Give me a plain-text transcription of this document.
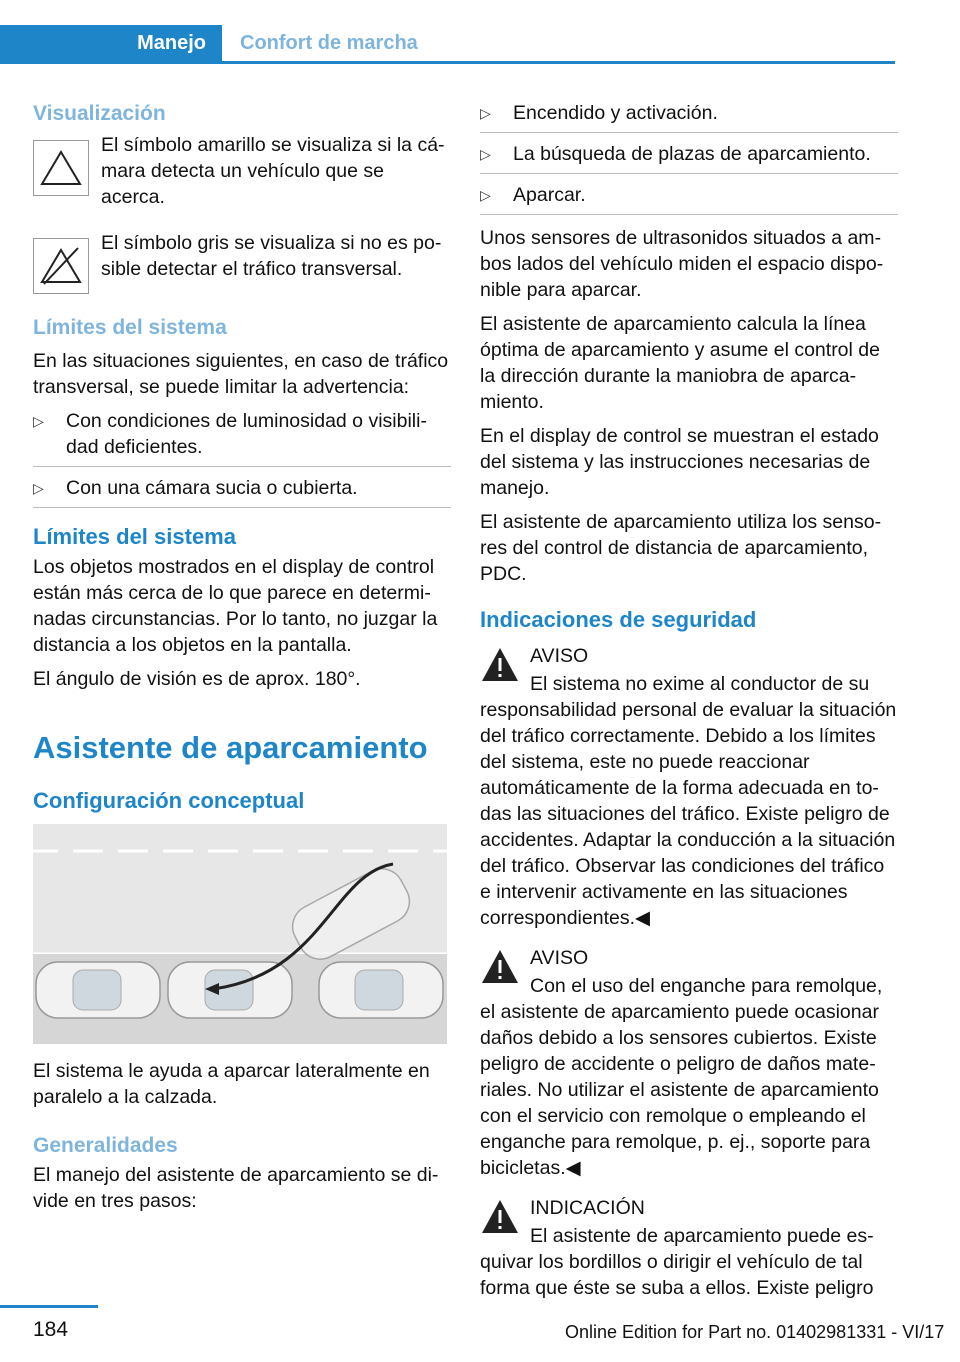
Manejo Confort de marcha
Visualización

El símbolo amarillo se visualiza si la cámara detecta un vehículo que se acerca.

El símbolo gris se visualiza si no es posible detectar el tráfico transversal.

Límites del sistema

En las situaciones siguientes, en caso de tráfico transversal, se puede limitar la advertencia:

▷ Con condiciones de luminosidad o visibilidad deficientes.
▷ Con una cámara sucia o cubierta.
Límites del sistema

Los objetos mostrados en el display de control están más cerca de lo que parece en determinadas circunstancias. Por lo tanto, no juzgar la distancia a los objetos en la pantalla.

El ángulo de visión es de aprox. 180°.

Asistente de aparcamiento
Configuración conceptual

El sistema le ayuda a aparcar lateralmente en paralelo a la calzada.

Generalidades

El manejo del asistente de aparcamiento se divide en tres pasos:

▷ Encendido y activación.
▷ La búsqueda de plazas de aparcamiento.
▷ Aparcar.

Unos sensores de ultrasonidos situados a ambos lados del vehículo miden el espacio disponible para aparcar.

El asistente de aparcamiento calcula la línea óptima de aparcamiento y asume el control de la dirección durante la maniobra de aparcamiento.

En el display de control se muestran el estado del sistema y las instrucciones necesarias de manejo.

El asistente de aparcamiento utiliza los sensores del control de distancia de aparcamiento, PDC.

Indicaciones de seguridad
AVISO

El sistema no exime al conductor de su responsabilidad personal de evaluar la situación del tráfico correctamente. Debido a los límites del sistema, este no puede reaccionar automáticamente de la forma adecuada en todas las situaciones del tráfico. Existe peligro de accidentes. Adaptar la conducción a la situación del tráfico. Observar las condiciones del tráfico e intervenir activamente en las situaciones correspondientes.◀

AVISO

Con el uso del enganche para remolque, el asistente de aparcamiento puede ocasionar daños debido a los sensores cubiertos. Existe peligro de accidente o peligro de daños materiales. No utilizar el asistente de aparcamiento con el servicio con remolque o empleando el enganche para remolque, p. ej., soporte para bicicletas.◀

INDICACIÓN

El asistente de aparcamiento puede esquivar los bordillos o dirigir el vehículo de tal forma que éste se suba a ellos. Existe peligro

184	Online Edition for Part no. 01402981331 - VI/17
